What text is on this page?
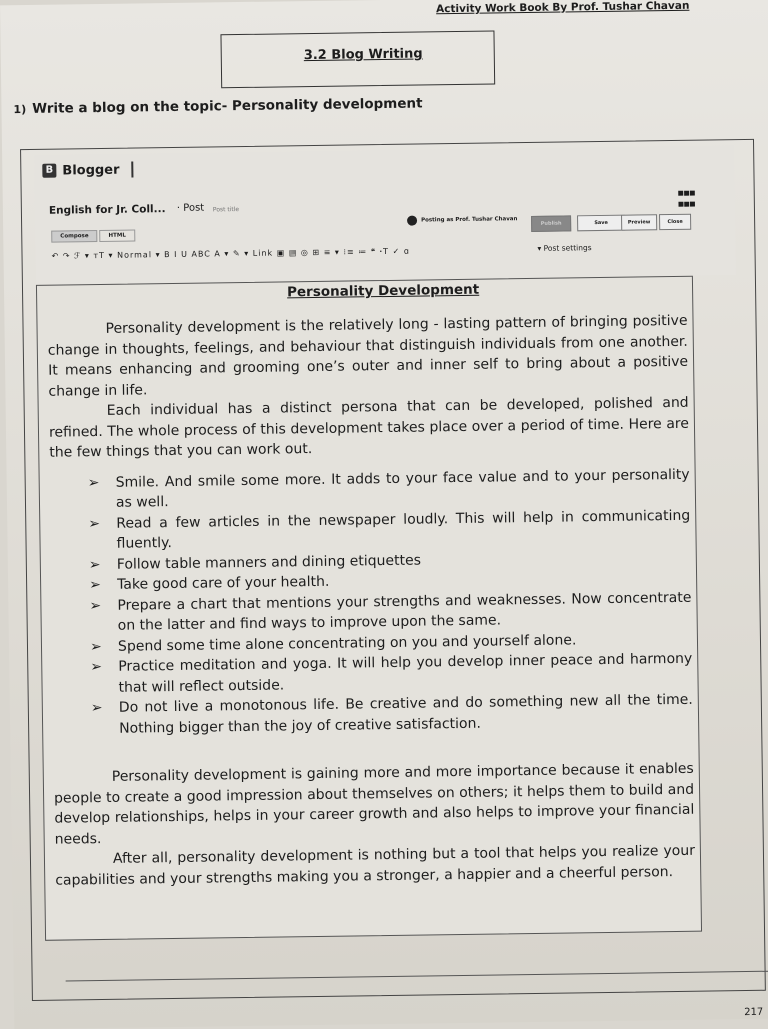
Activity Work Book By Prof. Tushar Chavan
3.2 Blog Writing
1) Write a blog on the topic- Personality development
B Blogger
▪▪▪
▪▪▪
English for Jr. Coll... · Post
Post title
Posting as Prof. Tushar Chavan
Publish	Save	Preview	Close
Compose	HTML
↶ ↷ ℱ ▾ ᴛT ▾ Normal ▾ B I U ABC A ▾ ✎ ▾ Link ▣ ▤ ◎ ⊞ ≡ ▾ ⁝≡ ≔ ❝ ꞏT ✓ ɑ	▾ Post settings
Personality Development

Personality development is the relatively long - lasting pattern of bringing positive change in thoughts, feelings, and behaviour that distinguish individuals from one another. It means enhancing and grooming one’s outer and inner self to bring about a positive change in life.

Each individual has a distinct persona that can be developed, polished and refined. The whole process of this development takes place over a period of time. Here are the few things that you can work out.

➢ Smile. And smile some more. It adds to your face value and to your personality as well.
➢ Read a few articles in the newspaper loudly. This will help in communicating fluently.
➢ Follow table manners and dining etiquettes
➢ Take good care of your health.
➢ Prepare a chart that mentions your strengths and weaknesses. Now concentrate on the latter and find ways to improve upon the same.
➢ Spend some time alone concentrating on you and yourself alone.
➢ Practice meditation and yoga. It will help you develop inner peace and harmony that will reflect outside.
➢ Do not live a monotonous life. Be creative and do something new all the time. Nothing bigger than the joy of creative satisfaction.

Personality development is gaining more and more importance because it enables people to create a good impression about themselves on others; it helps them to build and develop relationships, helps in your career growth and also helps to improve your financial needs.

After all, personality development is nothing but a tool that helps you realize your capabilities and your strengths making you a stronger, a happier and a cheerful person.

217
